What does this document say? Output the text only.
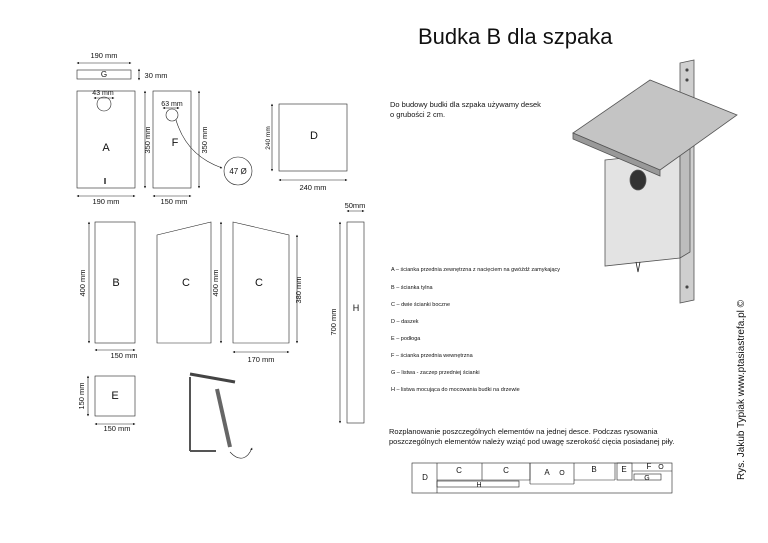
Budka B dla szpaka
Do budowy budki dla szpaka używamy desek
o grubości 2 cm.
Rozplanowanie poszczególnych elementów na jednej desce. Podczas rysowania
poszczególnych elementów należy wziąć pod uwagę szerokość cięcia posiadanej piły.
A – ścianka przednia zewnętrzna z nacięciem na gwóźdź zamykający
B – ścianka tylna
C – dwie ścianki boczne
D – daszek
E – podłoga
F – ścianka przednia wewnętrzna
G – listwa - zaczep przedniej ścianki
H – listwa mocująca do mocowania budki na drzewie	Rys. Jakub Typiak www.ptasiastrefa.pl ©
190 mm
G	30 mm
43 mm
A
190 mm
350 mm
63 mm
F
150 mm
350 mm
47 Ø
D
240 mm
240 mm
B
400 mm
150 mm
C	C
400 mm	380 mm
170 mm
50mm
H
700 mm
E
150 mm
150 mm
D
C	C
H
A O	B	E F O
G
